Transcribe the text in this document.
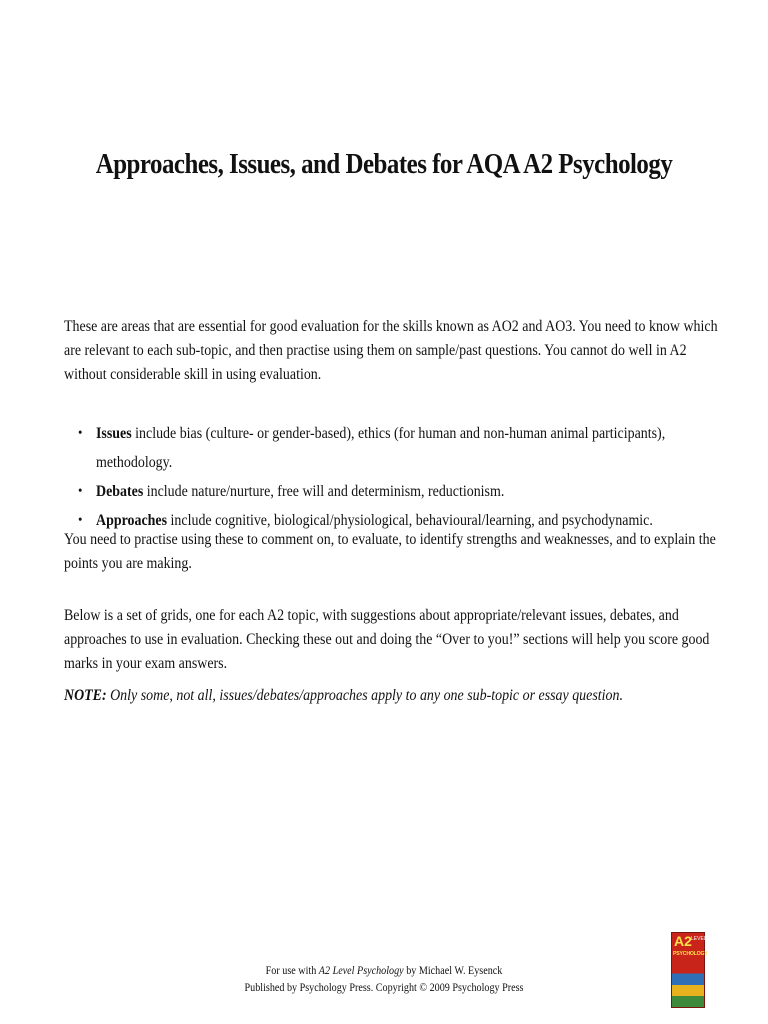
Approaches, Issues, and Debates for AQA A2 Psychology

These are areas that are essential for good evaluation for the skills known as AO2 and AO3. You need to know which are relevant to each sub-topic, and then practise using them on sample/past questions. You cannot do well in A2 without considerable skill in using evaluation.

• Issues include bias (culture- or gender-based), ethics (for human and non-human animal participants), methodology.
• Debates include nature/nurture, free will and determinism, reductionism.
• Approaches include cognitive, biological/physiological, behavioural/learning, and psychodynamic.

You need to practise using these to comment on, to evaluate, to identify strengths and weaknesses, and to explain the points you are making.

Below is a set of grids, one for each A2 topic, with suggestions about appropriate/relevant issues, debates, and approaches to use in evaluation. Checking these out and doing the “Over to you!” sections will help you score good marks in your exam answers.

NOTE: Only some, not all, issues/debates/approaches apply to any one sub-topic or essay question.

For use with A2 Level Psychology by Michael W. Eysenck
Published by Psychology Press. Copyright © 2009 Psychology Press
A2 LEVEL
PSYCHOLOGY
